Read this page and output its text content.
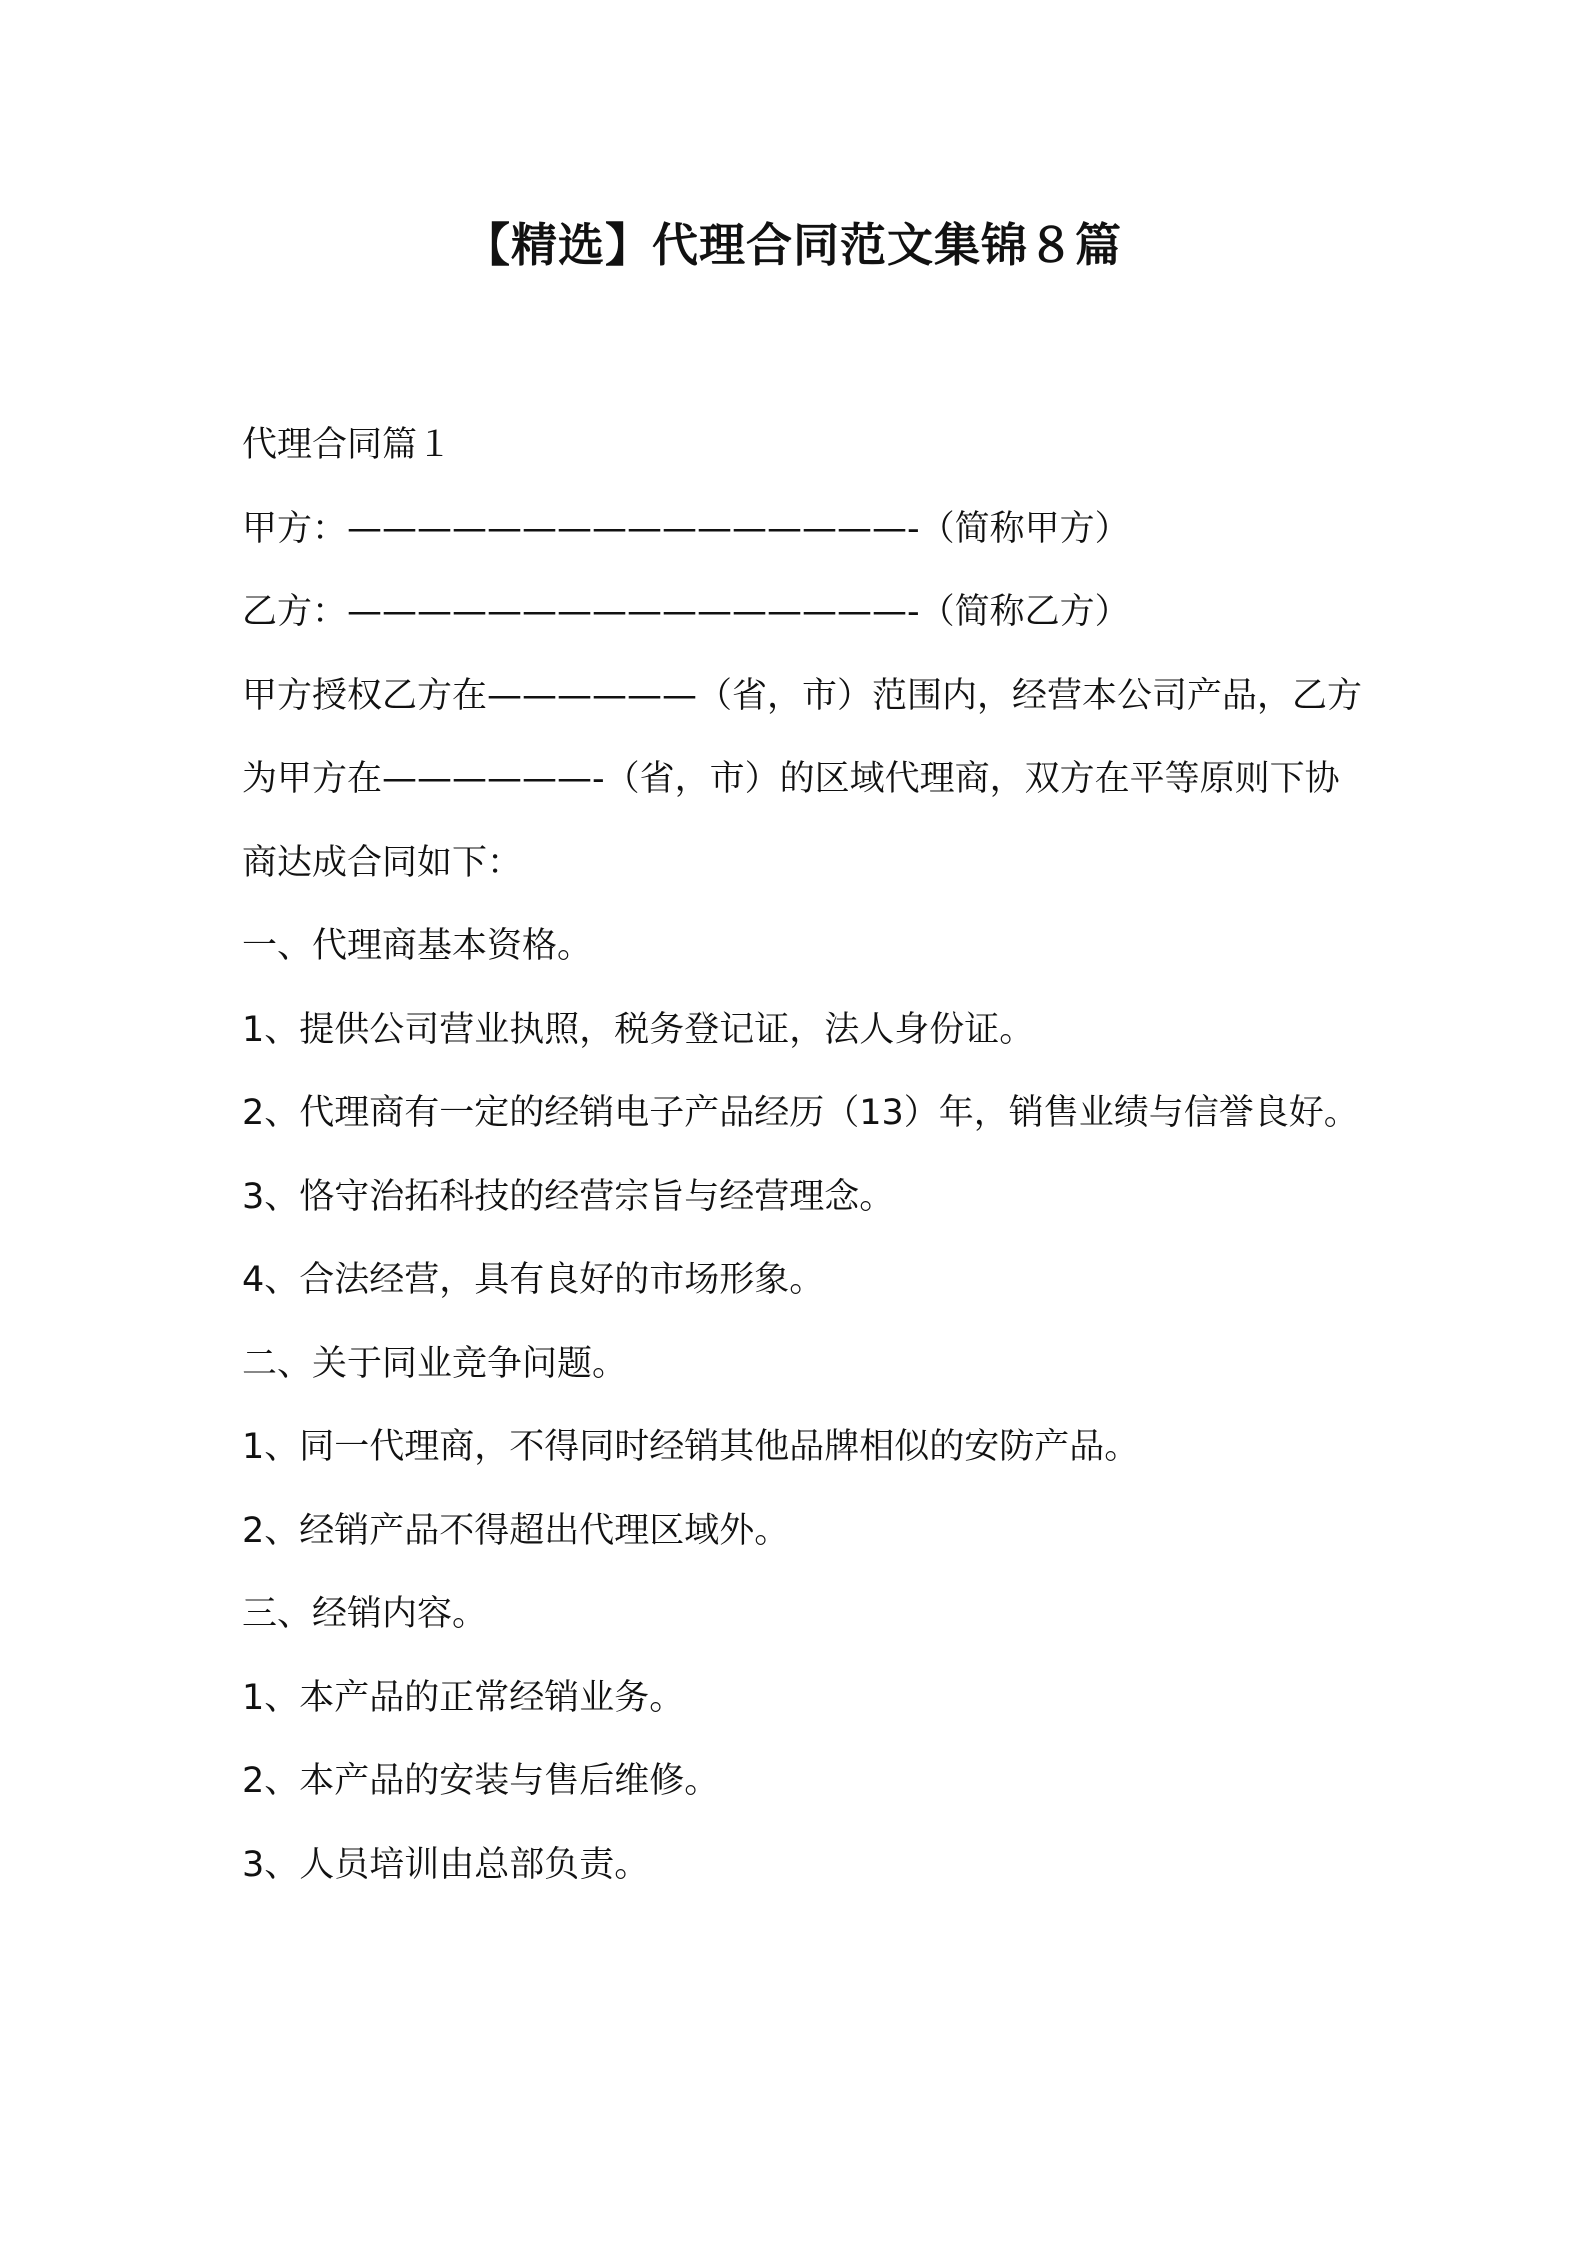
【精选】代理合同范文集锦８篇

代理合同篇１

甲方：————————————————-（简称甲方）

乙方：————————————————-（简称乙方）

甲方授权乙方在——————（省，市）范围内，经营本公司产品，乙方为甲方在——————-（省，市）的区域代理商，双方在平等原则下协商达成合同如下：

一、代理商基本资格。

1、提供公司营业执照，税务登记证，法人身份证。

2、代理商有一定的经销电子产品经历（13）年，销售业绩与信誉良好。

3、恪守治拓科技的经营宗旨与经营理念。

4、合法经营，具有良好的市场形象。

二、关于同业竞争问题。

1、同一代理商，不得同时经销其他品牌相似的安防产品。

2、经销产品不得超出代理区域外。

三、经销内容。

1、本产品的正常经销业务。

2、本产品的安装与售后维修。

3、人员培训由总部负责。
